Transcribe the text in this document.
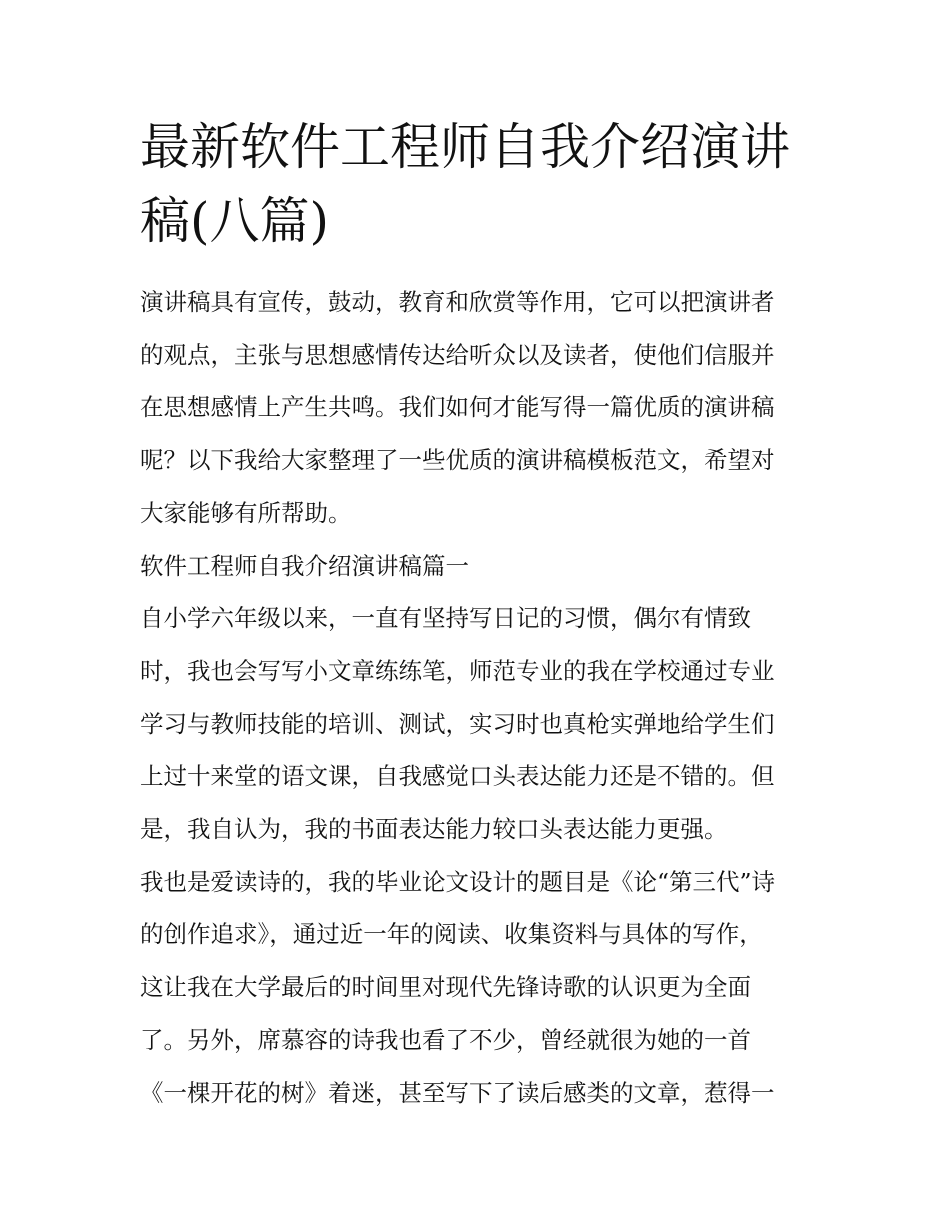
最新软件工程师自我介绍演讲
稿(八篇)

演讲稿具有宣传，鼓动，教育和欣赏等作用，它可以把演讲者
的观点，主张与思想感情传达给听众以及读者，使他们信服并
在思想感情上产生共鸣。我们如何才能写得一篇优质的演讲稿
呢？以下我给大家整理了一些优质的演讲稿模板范文，希望对
大家能够有所帮助。

软件工程师自我介绍演讲稿篇一

自小学六年级以来，一直有坚持写日记的习惯，偶尔有情致
时，我也会写写小文章练练笔，师范专业的我在学校通过专业
学习与教师技能的培训、测试，实习时也真枪实弹地给学生们
上过十来堂的语文课，自我感觉口头表达能力还是不错的。但
是，我自认为，我的书面表达能力较口头表达能力更强。

我也是爱读诗的，我的毕业论文设计的题目是《论“第三代”诗
的创作追求》，通过近一年的阅读、收集资料与具体的写作，
这让我在大学最后的时间里对现代先锋诗歌的认识更为全面
了。另外，席慕容的诗我也看了不少，曾经就很为她的一首
《一棵开花的树》着迷，甚至写下了读后感类的文章，惹得一
